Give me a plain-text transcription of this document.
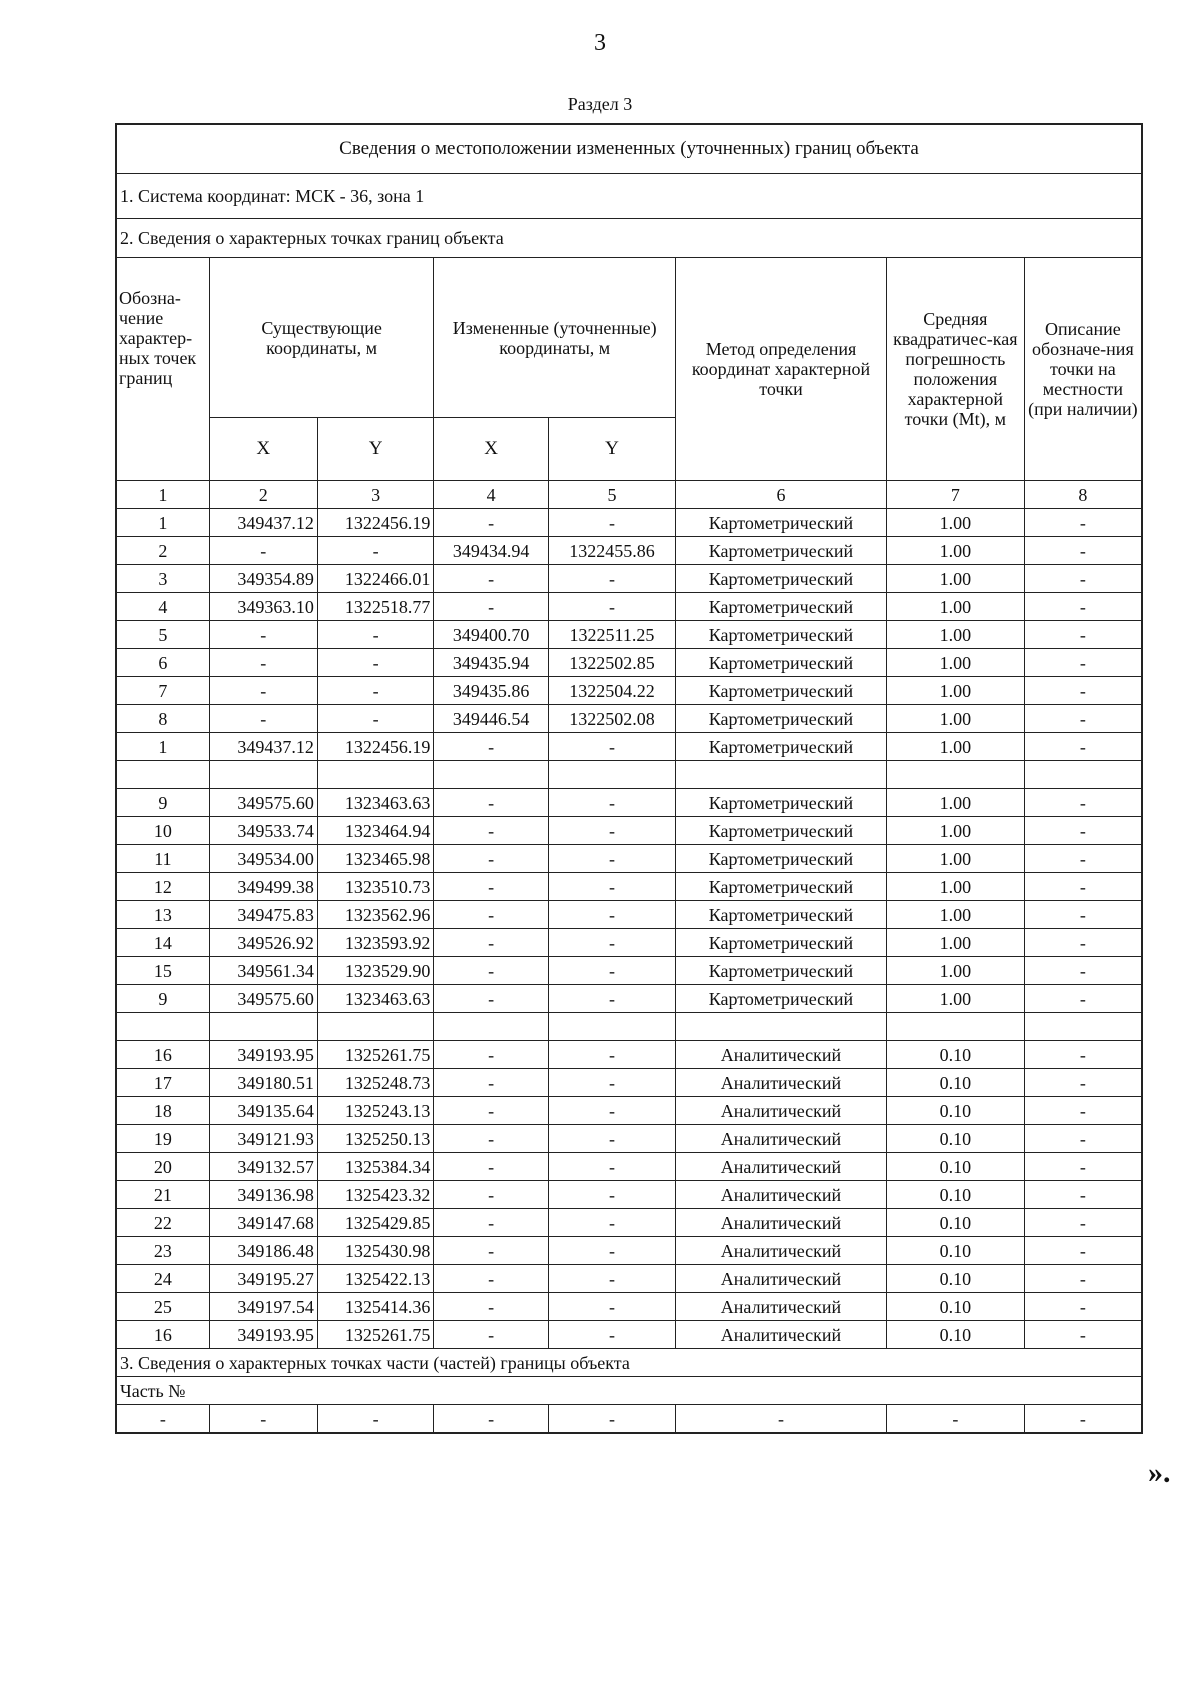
3
Раздел 3
Сведения о местоположении измененных (уточненных) границ объекта							
1. Система координат: МСК - 36, зона 1							
2. Сведения о характерных точках границ объекта							
Обозна-чение характер-ных точек границ	Существующие координаты, м		Измененные (уточненные) координаты, м		Метод определения координат характерной точки	Средняя квадратичес-кая погрешность положения характерной точки (Mt), м	Описание обозначе-ния точки на местности (при наличии)
	X	Y	X	Y			
1	2	3	4	5	6	7	8
1	349437.12	1322456.19	-	-	Картометрический	1.00	-
2	-	-	349434.94	1322455.86	Картометрический	1.00	-
3	349354.89	1322466.01	-	-	Картометрический	1.00	-
4	349363.10	1322518.77	-	-	Картометрический	1.00	-
5	-	-	349400.70	1322511.25	Картометрический	1.00	-
6	-	-	349435.94	1322502.85	Картометрический	1.00	-
7	-	-	349435.86	1322504.22	Картометрический	1.00	-
8	-	-	349446.54	1322502.08	Картометрический	1.00	-
1	349437.12	1322456.19	-	-	Картометрический	1.00	-

9	349575.60	1323463.63	-	-	Картометрический	1.00	-
10	349533.74	1323464.94	-	-	Картометрический	1.00	-
11	349534.00	1323465.98	-	-	Картометрический	1.00	-
12	349499.38	1323510.73	-	-	Картометрический	1.00	-
13	349475.83	1323562.96	-	-	Картометрический	1.00	-
14	349526.92	1323593.92	-	-	Картометрический	1.00	-
15	349561.34	1323529.90	-	-	Картометрический	1.00	-
9	349575.60	1323463.63	-	-	Картометрический	1.00	-

16	349193.95	1325261.75	-	-	Аналитический	0.10	-
17	349180.51	1325248.73	-	-	Аналитический	0.10	-
18	349135.64	1325243.13	-	-	Аналитический	0.10	-
19	349121.93	1325250.13	-	-	Аналитический	0.10	-
20	349132.57	1325384.34	-	-	Аналитический	0.10	-
21	349136.98	1325423.32	-	-	Аналитический	0.10	-
22	349147.68	1325429.85	-	-	Аналитический	0.10	-
23	349186.48	1325430.98	-	-	Аналитический	0.10	-
24	349195.27	1325422.13	-	-	Аналитический	0.10	-
25	349197.54	1325414.36	-	-	Аналитический	0.10	-
16	349193.95	1325261.75	-	-	Аналитический	0.10	-
3. Сведения о характерных точках части (частей) границы объекта							
Часть №							
-	-	-	-	-	-	-	-
».
